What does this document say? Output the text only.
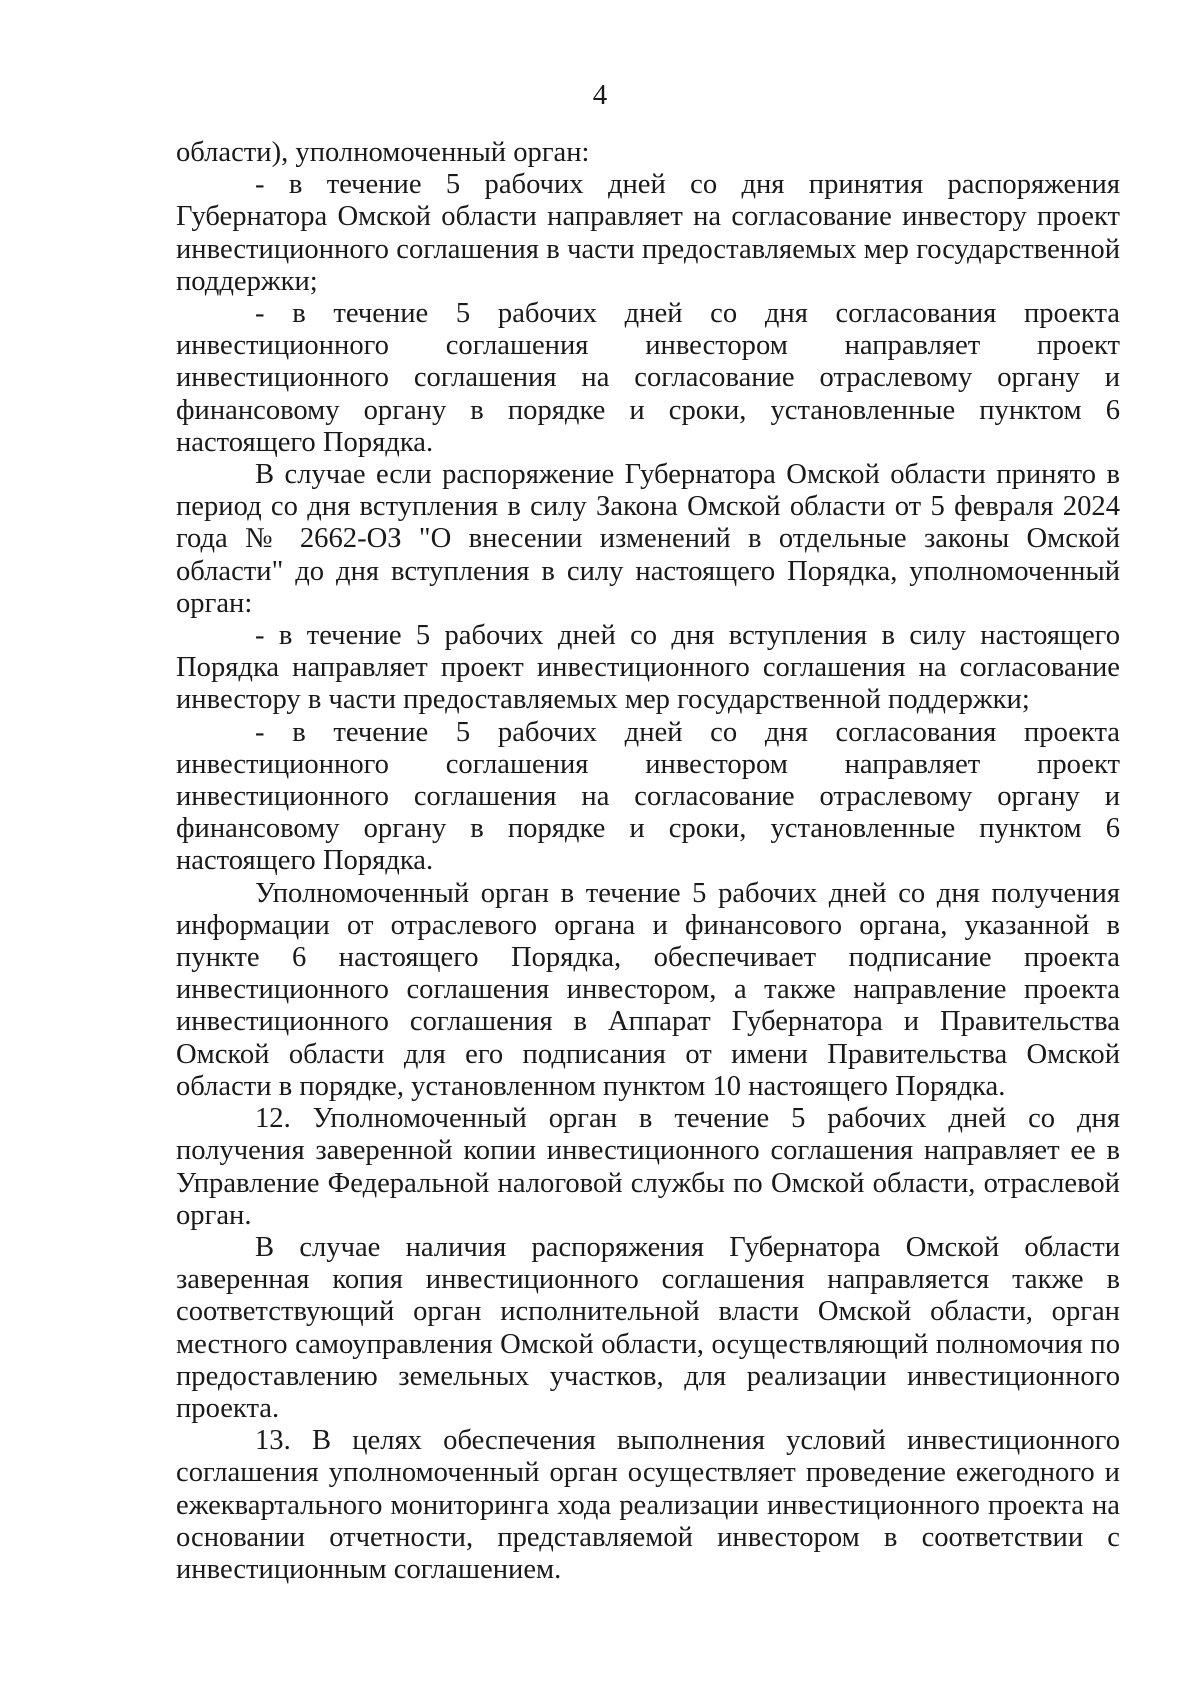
4

области), уполномоченный орган:

- в течение 5 рабочих дней со дня принятия распоряжения Губернатора Омской области направляет на согласование инвестору проект инвестиционного соглашения в части предоставляемых мер государственной поддержки;

- в течение 5 рабочих дней со дня согласования проекта инвестиционного соглашения инвестором направляет проект инвестиционного соглашения на согласование отраслевому органу и финансовому органу в порядке и сроки, установленные пунктом 6 настоящего Порядка.

В случае если распоряжение Губернатора Омской области принято в период со дня вступления в силу Закона Омской области от 5 февраля 2024 года № 2662-ОЗ "О внесении изменений в отдельные законы Омской области" до дня вступления в силу настоящего Порядка, уполномоченный орган:

- в течение 5 рабочих дней со дня вступления в силу настоящего Порядка направляет проект инвестиционного соглашения на согласование инвестору в части предоставляемых мер государственной поддержки;

- в течение 5 рабочих дней со дня согласования проекта инвестиционного соглашения инвестором направляет проект инвестиционного соглашения на согласование отраслевому органу и финансовому органу в порядке и сроки, установленные пунктом 6 настоящего Порядка.

Уполномоченный орган в течение 5 рабочих дней со дня получения информации от отраслевого органа и финансового органа, указанной в пункте 6 настоящего Порядка, обеспечивает подписание проекта инвестиционного соглашения инвестором, а также направление проекта инвестиционного соглашения в Аппарат Губернатора и Правительства Омской области для его подписания от имени Правительства Омской области в порядке, установленном пунктом 10 настоящего Порядка.

12. Уполномоченный орган в течение 5 рабочих дней со дня получения заверенной копии инвестиционного соглашения направляет ее в Управление Федеральной налоговой службы по Омской области, отраслевой орган.

В случае наличия распоряжения Губернатора Омской области заверенная копия инвестиционного соглашения направляется также в соответствующий орган исполнительной власти Омской области, орган местного самоуправления Омской области, осуществляющий полномочия по предоставлению земельных участков, для реализации инвестиционного проекта.

13. В целях обеспечения выполнения условий инвестиционного соглашения уполномоченный орган осуществляет проведение ежегодного и ежеквартального мониторинга хода реализации инвестиционного проекта на основании отчетности, представляемой инвестором в соответствии с инвестиционным соглашением.
